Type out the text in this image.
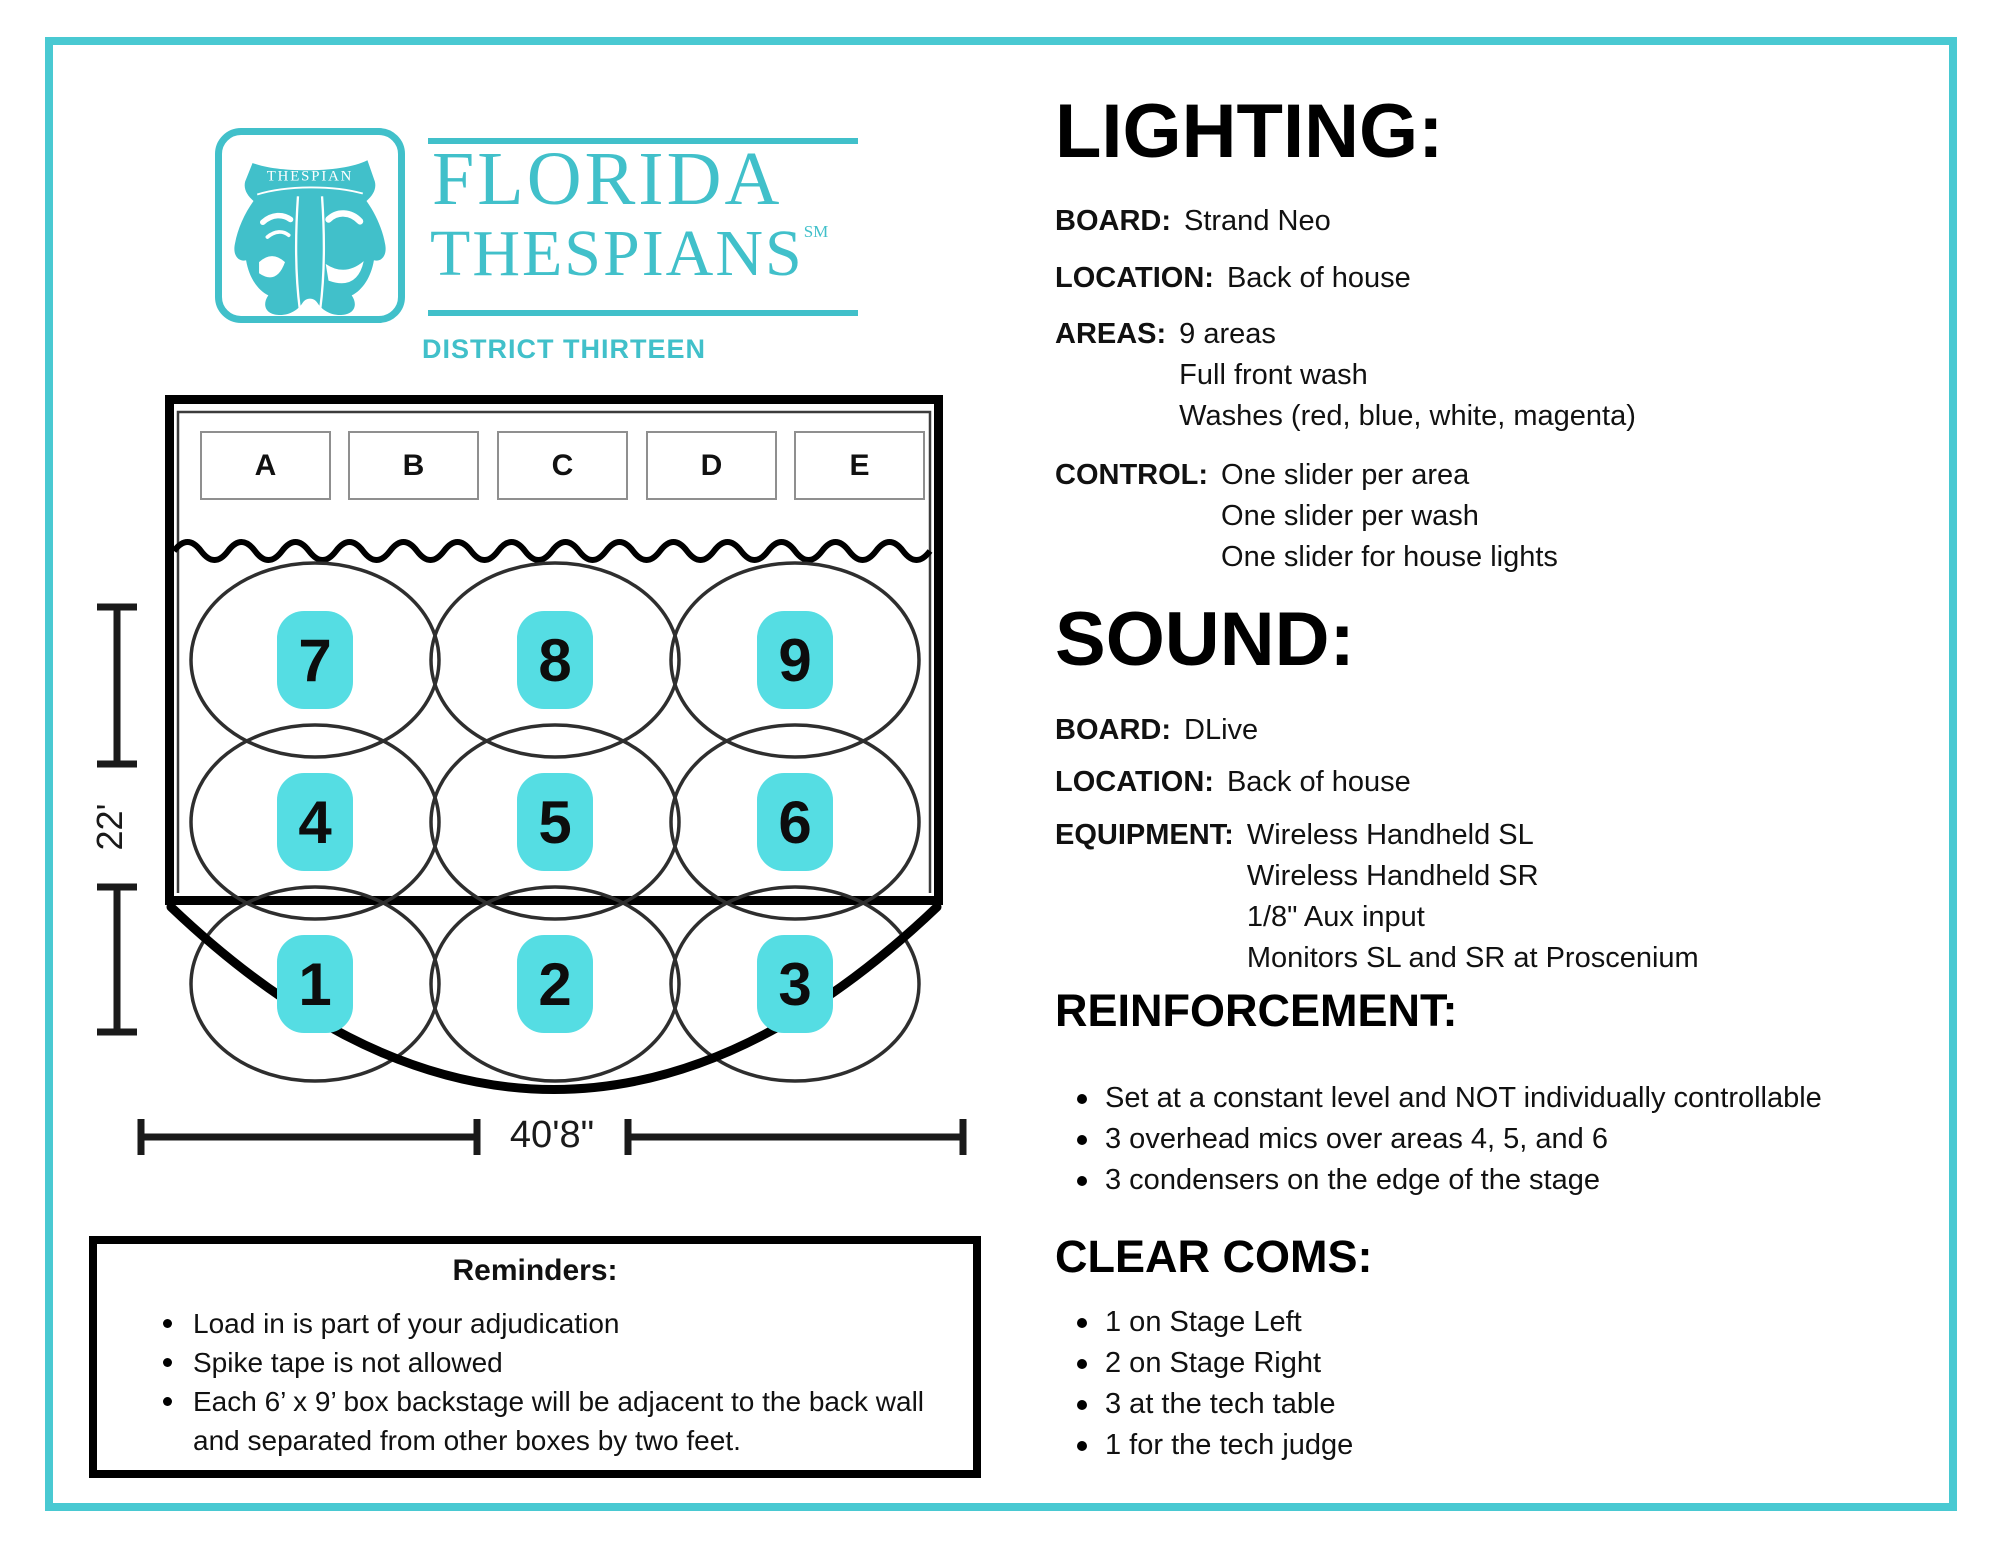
THESPIAN FLORIDA
THESPIANS℠
DISTRICT THIRTEEN
A	B	C	D	E
7	8	9
4	5	6
1	2	3
22'
40'8"
Reminders:
Load in is part of your adjudication
Spike tape is not allowed
Each 6’ x 9’ box backstage will be adjacent to the back wall and separated from other boxes by two feet.
LIGHTING:
BOARD: Strand Neo
LOCATION: Back of house
AREAS: 9 areas
Full front wash
Washes (red, blue, white, magenta)
CONTROL: One slider per area
One slider per wash
One slider for house lights
SOUND:
BOARD: DLive
LOCATION: Back of house
EQUIPMENT: Wireless Handheld SL
Wireless Handheld SR
1/8" Aux input
Monitors SL and SR at Proscenium
REINFORCEMENT:
Set at a constant level and NOT individually controllable
3 overhead mics over areas 4, 5, and 6
3 condensers on the edge of the stage
CLEAR COMS:
1 on Stage Left
2 on Stage Right
3 at the tech table
1 for the tech judge
